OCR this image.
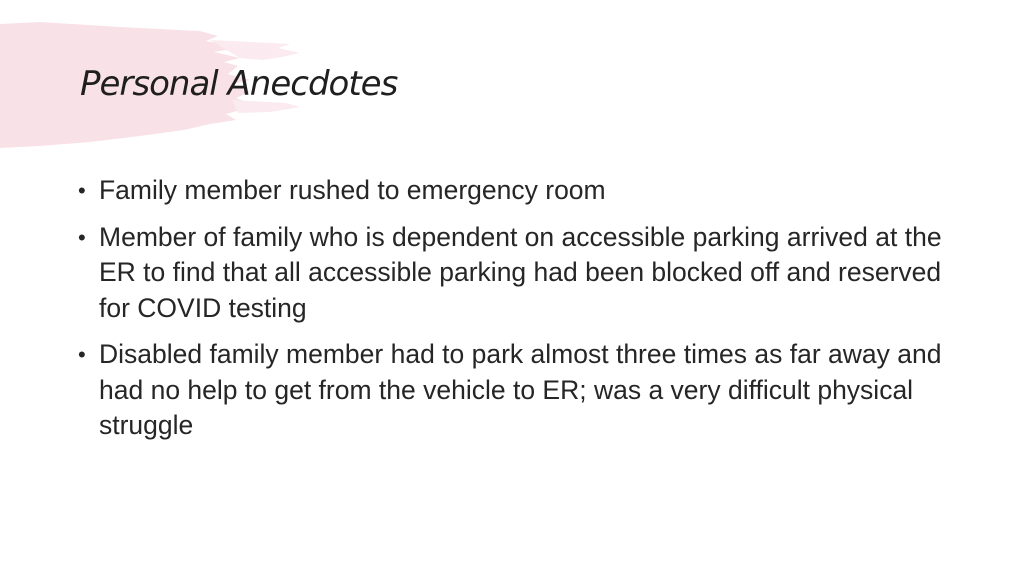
Personal Anecdotes
• Family member rushed to emergency room
• Member of family who is dependent on accessible parking arrived at the ER to find that all accessible parking had been blocked off and reserved for COVID testing
• Disabled family member had to park almost three times as far away and had no help to get from the vehicle to ER; was a very difficult physical struggle
